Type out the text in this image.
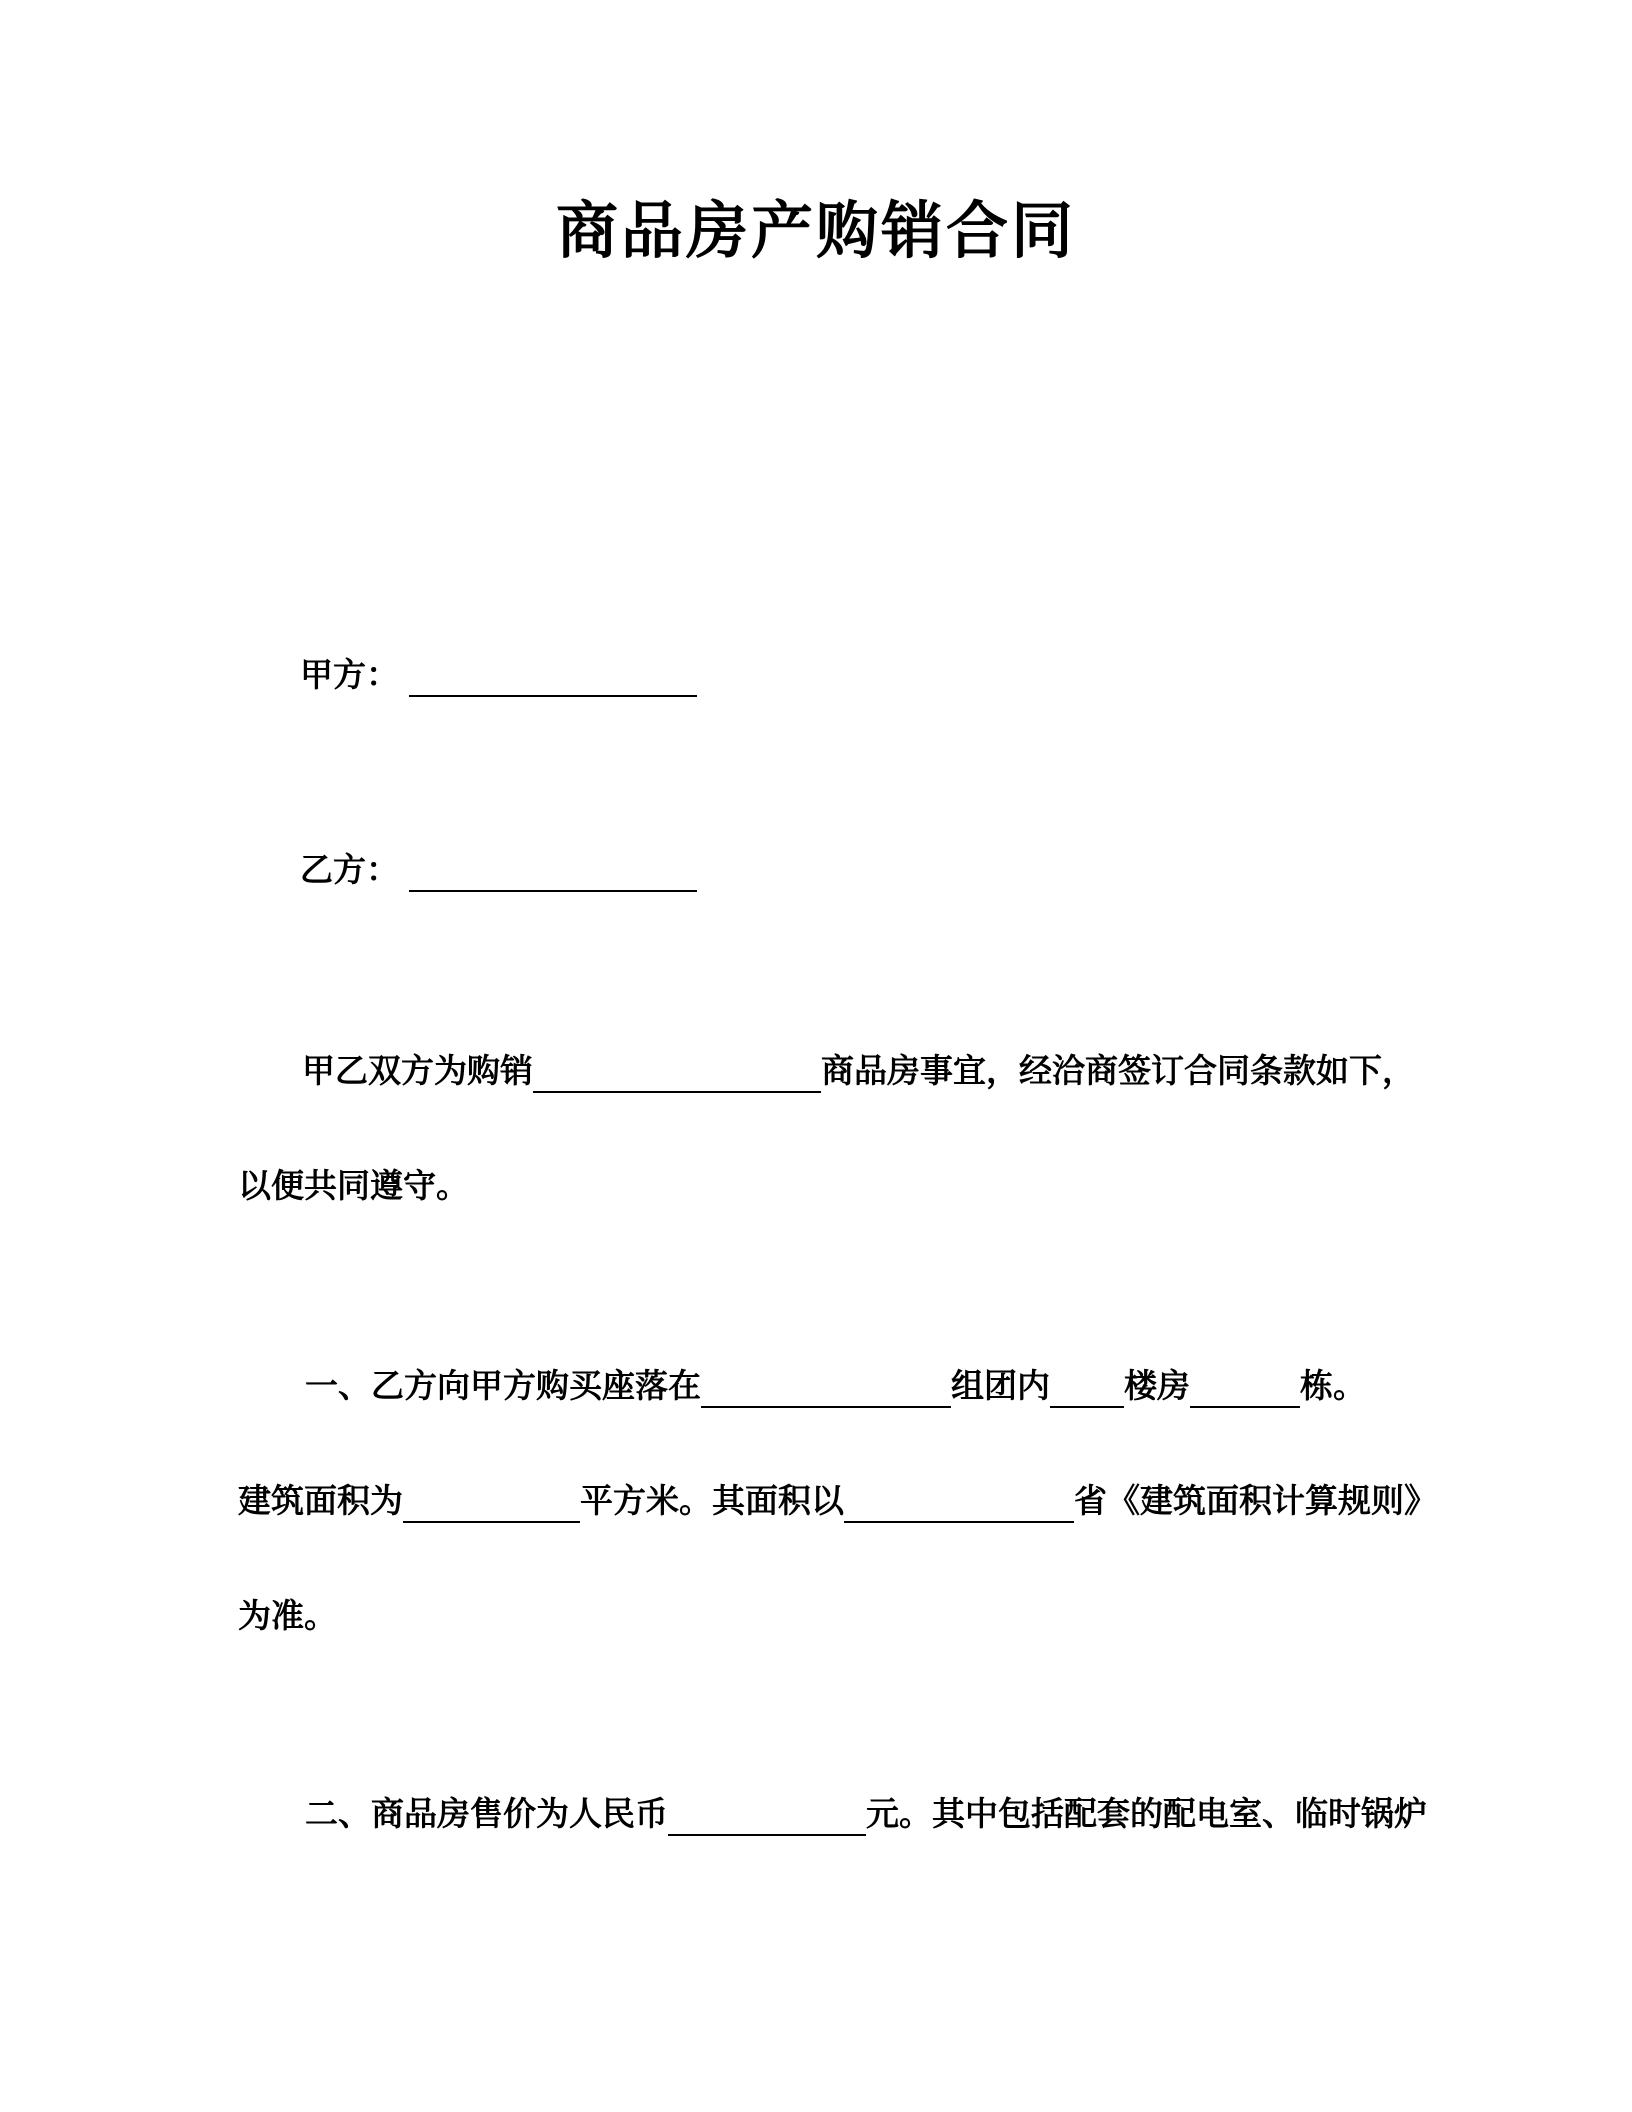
商品房产购销合同
甲方：
乙方：
甲乙双方为购销	商品房事宜，经洽商签订合同条款如下，
以便共同遵守。
一、乙方向甲方购买座落在	组团内 楼房	栋。
建筑面积为	平方米。其面积以	省《建筑面积计算规则》
为准。
二、商品房售价为人民币	元。其中包括配套的配电室、临时锅炉
